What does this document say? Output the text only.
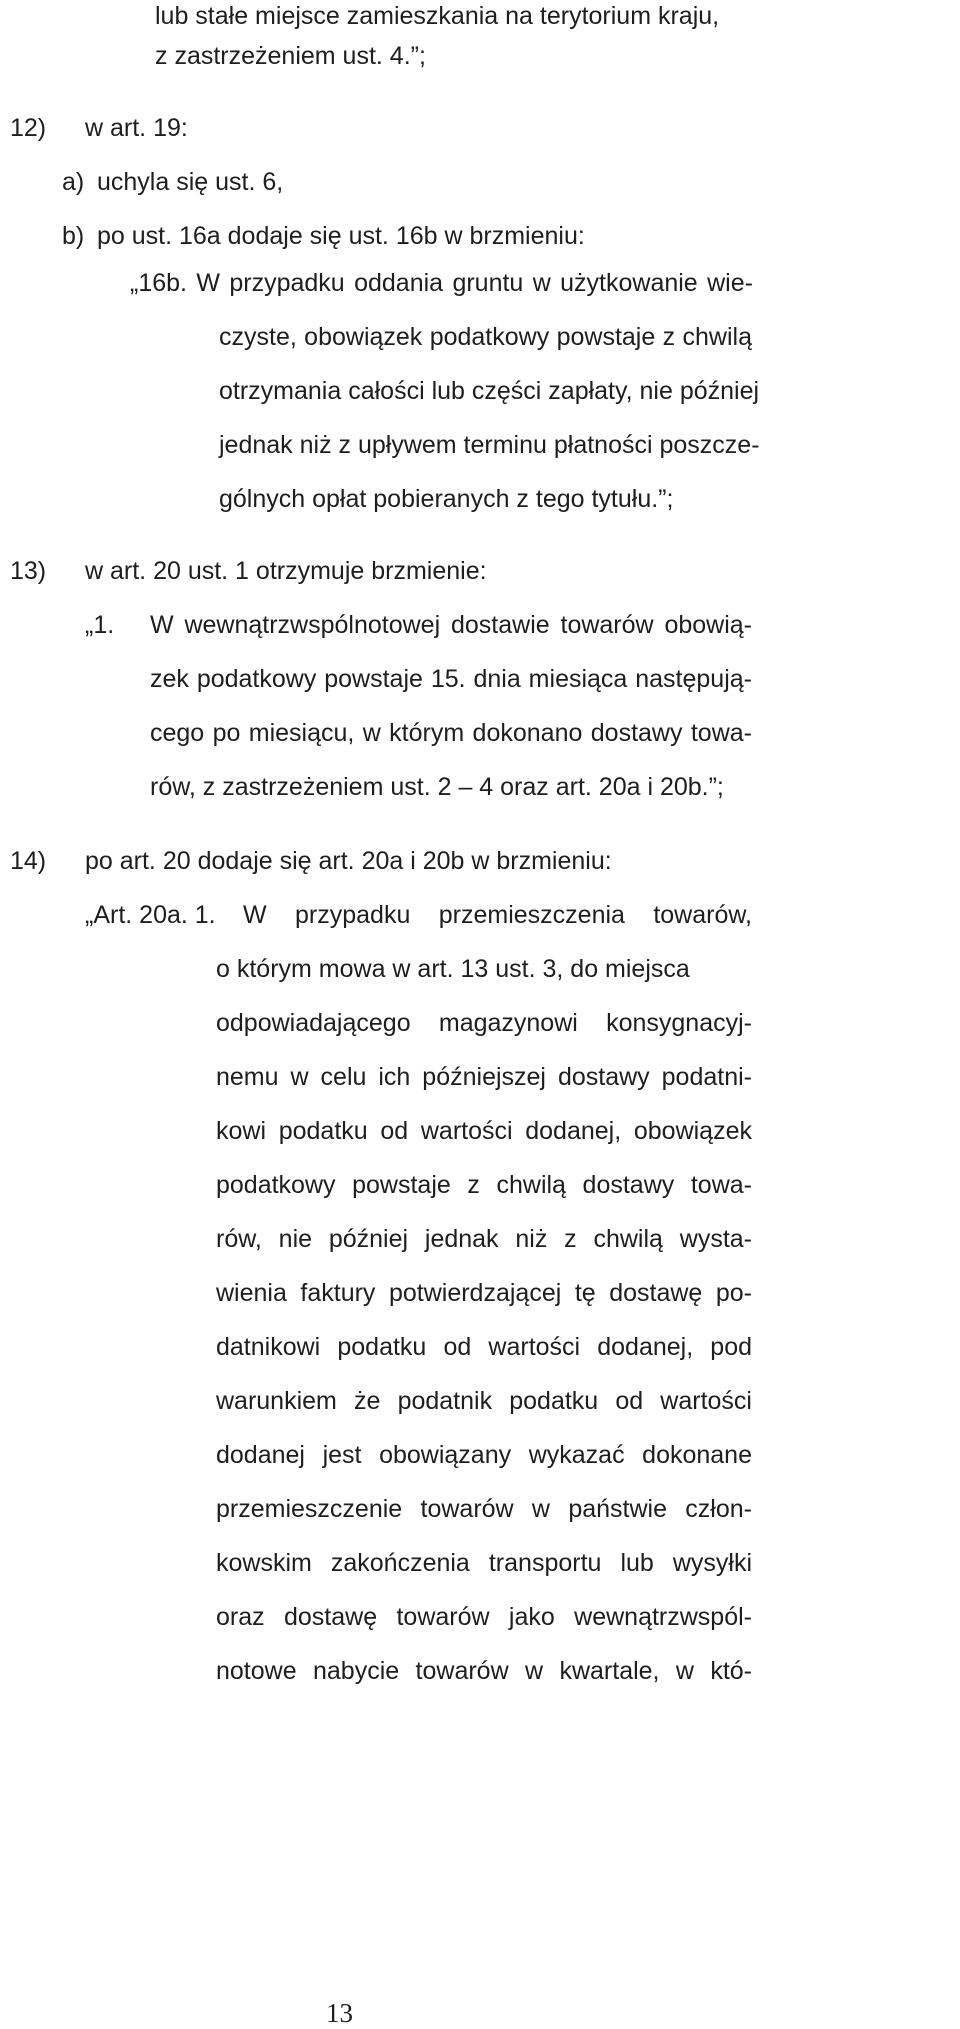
lub stałe miejsce zamieszkania na terytorium kraju,

z zastrzeżeniem ust. 4.”;

12) w art. 19:

a) uchyla się ust. 6,

b) po ust. 16a dodaje się ust. 16b w brzmieniu:

„16b. W przypadku oddania gruntu w użytkowanie wie-

czyste, obowiązek podatkowy powstaje z chwilą

otrzymania całości lub części zapłaty, nie później

jednak niż z upływem terminu płatności poszcze-

gólnych opłat pobieranych z tego tytułu.”;

13) w art. 20 ust. 1 otrzymuje brzmienie:

„1. W wewnątrzwspólnotowej dostawie towarów obowią-

zek podatkowy powstaje 15. dnia miesiąca następują-

cego po miesiącu, w którym dokonano dostawy towa-

rów, z zastrzeżeniem ust. 2 – 4 oraz art. 20a i 20b.”;

14) po art. 20 dodaje się art. 20a i 20b w brzmieniu:

„Art. 20a. 1. W przypadku przemieszczenia towarów,

o którym mowa w art. 13 ust. 3, do miejsca

odpowiadającego magazynowi konsygnacyj-

nemu w celu ich późniejszej dostawy podatni-

kowi podatku od wartości dodanej, obowiązek

podatkowy powstaje z chwilą dostawy towa-

rów, nie później jednak niż z chwilą wysta-

wienia faktury potwierdzającej tę dostawę po-

datnikowi podatku od wartości dodanej, pod

warunkiem że podatnik podatku od wartości

dodanej jest obowiązany wykazać dokonane

przemieszczenie towarów w państwie człon-

kowskim zakończenia transportu lub wysyłki

oraz dostawę towarów jako wewnątrzwspól-

notowe nabycie towarów w kwartale, w któ-

13
